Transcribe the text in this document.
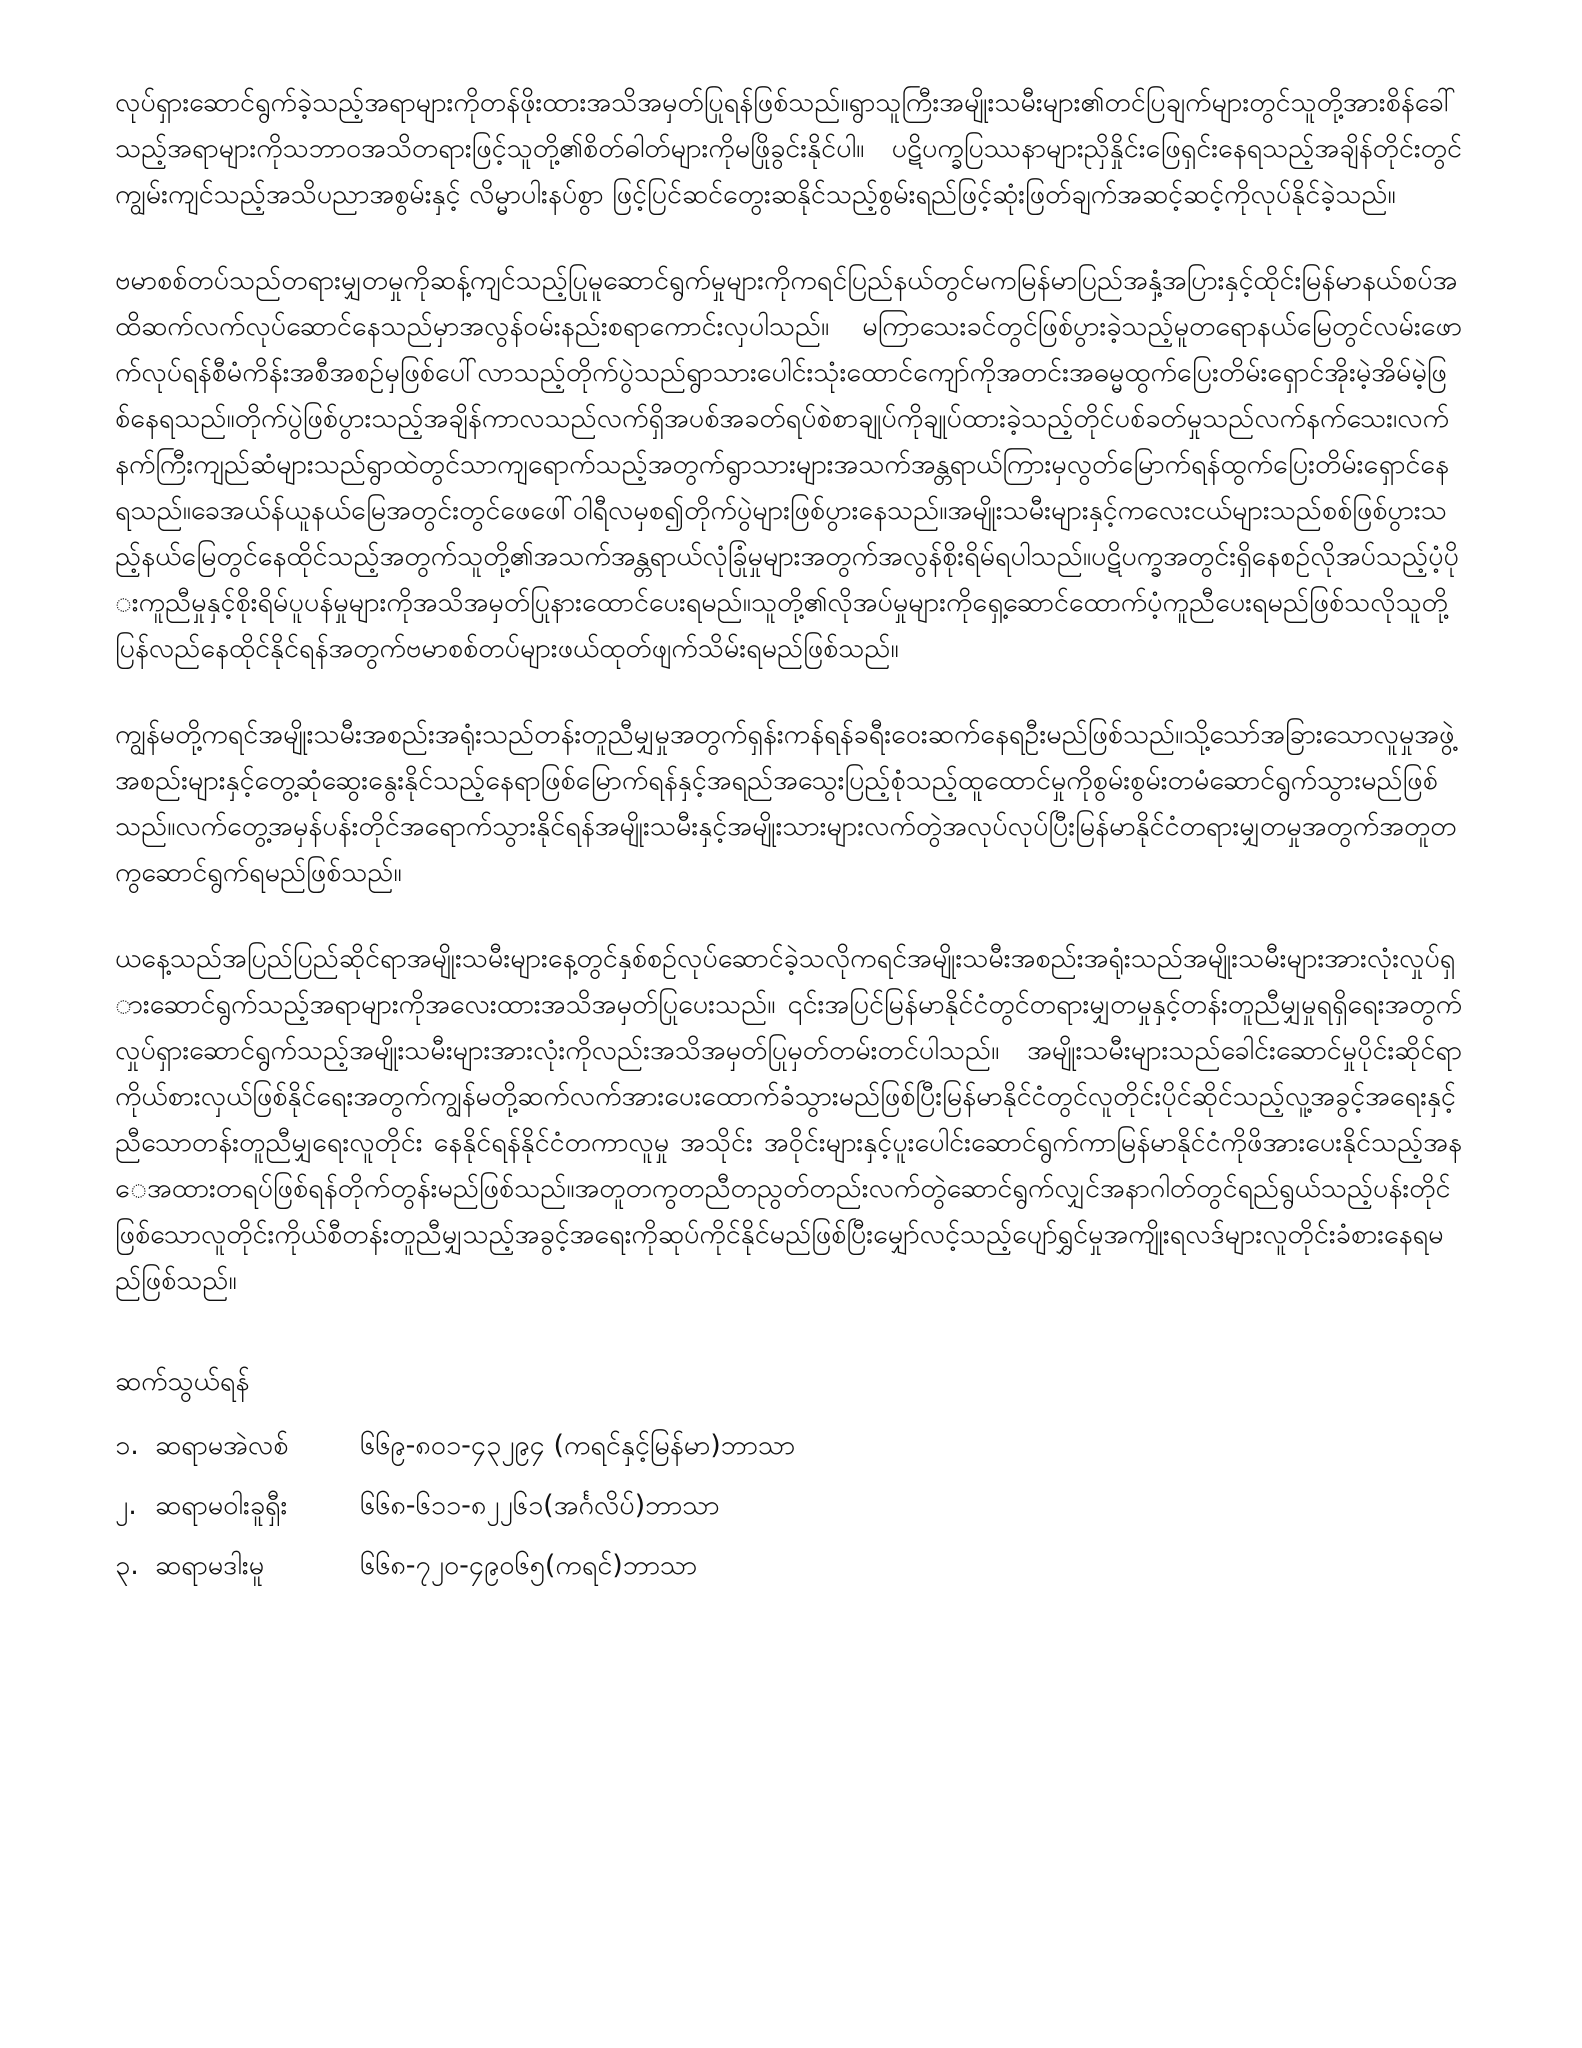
လုပ်ရှားဆောင်ရွက်ခဲ့သည့်အရာများကိုတန်ဖိုးထားအသိအမှတ်ပြုရန်ဖြစ်သည်။ရွာသူကြီးအမျိုးသမီးများ၏တင်ပြချက်များတွင်သူတို့အားစိန်ခေါ်သည့်အရာများကိုသဘာဝအသိတရားဖြင့်သူတို့၏စိတ်ဓါတ်များကိုမဖြိုခွင်းနိုင်ပါ။ ပဋိပက္ခပြဿနာများညှိနှိုင်းဖြေရှင်းနေရသည့်အချိန်တိုင်းတွင် ကျွမ်းကျင်သည့်အသိပညာအစွမ်းနှင့် လိမ္မာပါးနပ်စွာ ဖြင့်ပြင်ဆင်တွေးဆနိုင်သည့်စွမ်းရည်ဖြင့်ဆုံးဖြတ်ချက်အဆင့်ဆင့်ကိုလုပ်နိုင်ခဲ့သည်။

ဗမာစစ်တပ်သည်တရားမျှတမှုကိုဆန့်ကျင်သည့်ပြုမူဆောင်ရွက်မှုများကိုကရင်ပြည်နယ်တွင်မကမြန်မာပြည်အနှံ့အပြားနှင့်ထိုင်းမြန်မာနယ်စပ်အထိဆက်လက်လုပ်ဆောင်နေသည်မှာအလွန်ဝမ်းနည်းစရာကောင်းလှပါသည်။ မကြာသေးခင်တွင်ဖြစ်ပွားခဲ့သည့်မူတရောနယ်မြေတွင်လမ်းဖောက်လုပ်ရန်စီမံကိန်းအစီအစဉ်မှဖြစ်ပေါ်လာသည့်တိုက်ပွဲသည်ရွာသားပေါင်းသုံးထောင်ကျော်ကိုအတင်းအဓမ္မထွက်ပြေးတိမ်းရှောင်အိုးမဲ့အိမ်မဲ့ဖြစ်နေရသည်။တိုက်ပွဲဖြစ်ပွားသည့်အချိန်ကာလသည်လက်ရှိအပစ်အခတ်ရပ်စဲစာချုပ်ကိုချုပ်ထားခဲ့သည့်တိုင်ပစ်ခတ်မှုသည်လက်နက်သေး၊လက်နက်ကြီးကျည်ဆံများသည်ရွာထဲတွင်သာကျရောက်သည့်အတွက်ရွာသားများအသက်အန္တရာယ်ကြားမှလွတ်မြောက်ရန်ထွက်ပြေးတိမ်းရှောင်နေရသည်။ခေအယ်န်ယူနယ်မြေအတွင်းတွင်ဖေဖေါ်ဝါရီလမှစ၍တိုက်ပွဲများဖြစ်ပွားနေသည်။အမျိုးသမီးများနှင့်ကလေးငယ်များသည်စစ်ဖြစ်ပွားသည့်နယ်မြေတွင်နေထိုင်သည့်အတွက်သူတို့၏အသက်အန္တရာယ်လုံခြုံမှုများအတွက်အလွန်စိုးရိမ်ရပါသည်။ပဋိပက္ခအတွင်းရှိနေစဉ်လိုအပ်သည့်ပံ့ပိုးကူညီမှုနှင့်စိုးရိမ်ပူပန်မှုများကိုအသိအမှတ်ပြုနားထောင်ပေးရမည်။သူတို့၏လိုအပ်မှုများကိုရှေ့ဆောင်ထောက်ပံ့ကူညီပေးရမည်ဖြစ်သလိုသူတို့ပြန်လည်နေထိုင်နိုင်ရန်အတွက်ဗမာစစ်တပ်များဖယ်ထုတ်ဖျက်သိမ်းရမည်ဖြစ်သည်။

ကျွန်မတို့ကရင်အမျိုးသမီးအစည်းအရုံးသည်တန်းတူညီမျှမှုအတွက်ရှန်းကန်ရန်ခရီးဝေးဆက်နေရဦးမည်ဖြစ်သည်။သို့သော်အခြားသောလူမှုအဖွဲ့အစည်းများနှင့်တွေ့ဆုံဆွေးနွေးနိုင်သည့်နေရာဖြစ်မြောက်ရန်နှင့်အရည်အသွေးပြည့်စုံသည့်ထူထောင်မှုကိုစွမ်းစွမ်းတမံဆောင်ရွက်သွားမည်ဖြစ်သည်။လက်တွေ့အမှန်ပန်းတိုင်အရောက်သွားနိုင်ရန်အမျိုးသမီးနှင့်အမျိုးသားများလက်တွဲအလုပ်လုပ်ပြီးမြန်မာနိုင်ငံတရားမျှတမှုအတွက်အတူတကွဆောင်ရွက်ရမည်ဖြစ်သည်။

ယနေ့သည်အပြည်ပြည်ဆိုင်ရာအမျိုးသမီးများနေ့တွင်နှစ်စဉ်လုပ်ဆောင်ခဲ့သလိုကရင်အမျိုးသမီးအစည်းအရုံးသည်အမျိုးသမီးများအားလုံးလှုပ်ရှားဆောင်ရွက်သည့်အရာများကိုအလေးထားအသိအမှတ်ပြုပေးသည်။ ၎င်းအပြင်မြန်မာနိုင်ငံတွင်တရားမျှတမှုနှင့်တန်းတူညီမျှမှုရရှိရေးအတွက်လှုပ်ရှားဆောင်ရွက်သည့်အမျိုးသမီးများအားလုံးကိုလည်းအသိအမှတ်ပြုမှတ်တမ်းတင်ပါသည်။ အမျိုးသမီးများသည်ခေါင်းဆောင်မှုပိုင်းဆိုင်ရာကိုယ်စားလှယ်ဖြစ်နိုင်ရေးအတွက်ကျွန်မတို့ဆက်လက်အားပေးထောက်ခံသွားမည်ဖြစ်ပြီးမြန်မာနိုင်ငံတွင်လူတိုင်းပိုင်ဆိုင်သည့်လူ့အခွင့်အရေးနှင့် ညီသောတန်းတူညီမျှရေးလူတိုင်း နေနိုင်ရန်နိုင်ငံတကာလူမှု အသိုင်း အဝိုင်းများနှင့်ပူးပေါင်းဆောင်ရွက်ကာမြန်မာနိုင်ငံကိုဖိအားပေးနိုင်သည့်အနေအထားတရပ်ဖြစ်ရန်တိုက်တွန်းမည်ဖြစ်သည်။အတူတကွတညီတညွတ်တည်းလက်တွဲဆောင်ရွက်လျှင်အနာဂါတ်တွင်ရည်ရွယ်သည့်ပန်းတိုင်ဖြစ်သောလူတိုင်းကိုယ်စီတန်းတူညီမျှသည့်အခွင့်အရေးကိုဆုပ်ကိုင်နိုင်မည်ဖြစ်ပြီးမျှော်လင့်သည့်ပျော်ရွှင်မှုအကျိုးရလဒ်များလူတိုင်းခံစားနေရမည်ဖြစ်သည်။

ဆက်သွယ်ရန်
၁. ဆရာမအဲလစ်	၆၆၉-၈၀၁-၄၃၂၉၄ (ကရင်နှင့်မြန်မာ)ဘာသာ
၂. ဆရာမဝါးခူရှီး	၆၆၈-၆၁၁-၈၂၂၆၁(အင်္ဂလိပ်)ဘာသာ
၃. ဆရာမဒါးမူ	၆၆၈-၇၂၀-၄၉၀၆၅(ကရင်)ဘာသာ
